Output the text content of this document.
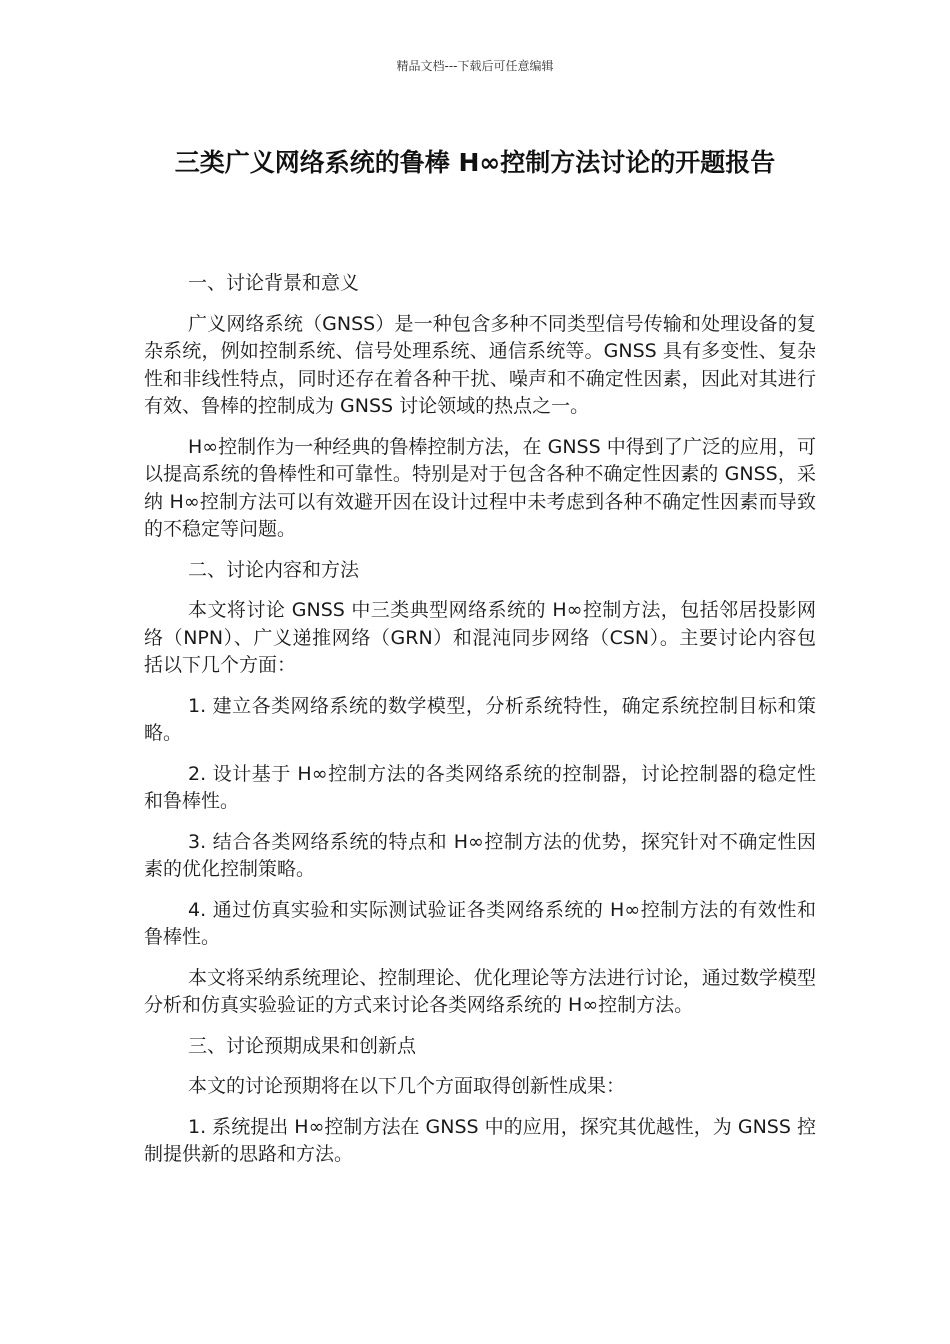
精品文档---下载后可任意编辑
三类广义网络系统的鲁棒 H∞控制方法讨论的开题报告

一、讨论背景和意义

广义网络系统（GNSS）是一种包含多种不同类型信号传输和处理设备的复杂系统，例如控制系统、信号处理系统、通信系统等。GNSS 具有多变性、复杂性和非线性特点，同时还存在着各种干扰、噪声和不确定性因素，因此对其进行有效、鲁棒的控制成为 GNSS 讨论领域的热点之一。

H∞控制作为一种经典的鲁棒控制方法，在 GNSS 中得到了广泛的应用，可以提高系统的鲁棒性和可靠性。特别是对于包含各种不确定性因素的 GNSS，采纳 H∞控制方法可以有效避开因在设计过程中未考虑到各种不确定性因素而导致的不稳定等问题。

二、讨论内容和方法

本文将讨论 GNSS 中三类典型网络系统的 H∞控制方法，包括邻居投影网络（NPN）、广义递推网络（GRN）和混沌同步网络（CSN）。主要讨论内容包括以下几个方面：

1. 建立各类网络系统的数学模型，分析系统特性，确定系统控制目标和策略。

2. 设计基于 H∞控制方法的各类网络系统的控制器，讨论控制器的稳定性和鲁棒性。

3. 结合各类网络系统的特点和 H∞控制方法的优势，探究针对不确定性因素的优化控制策略。

4. 通过仿真实验和实际测试验证各类网络系统的 H∞控制方法的有效性和鲁棒性。

本文将采纳系统理论、控制理论、优化理论等方法进行讨论，通过数学模型分析和仿真实验验证的方式来讨论各类网络系统的 H∞控制方法。

三、讨论预期成果和创新点

本文的讨论预期将在以下几个方面取得创新性成果：

1. 系统提出 H∞控制方法在 GNSS 中的应用，探究其优越性，为 GNSS 控制提供新的思路和方法。
